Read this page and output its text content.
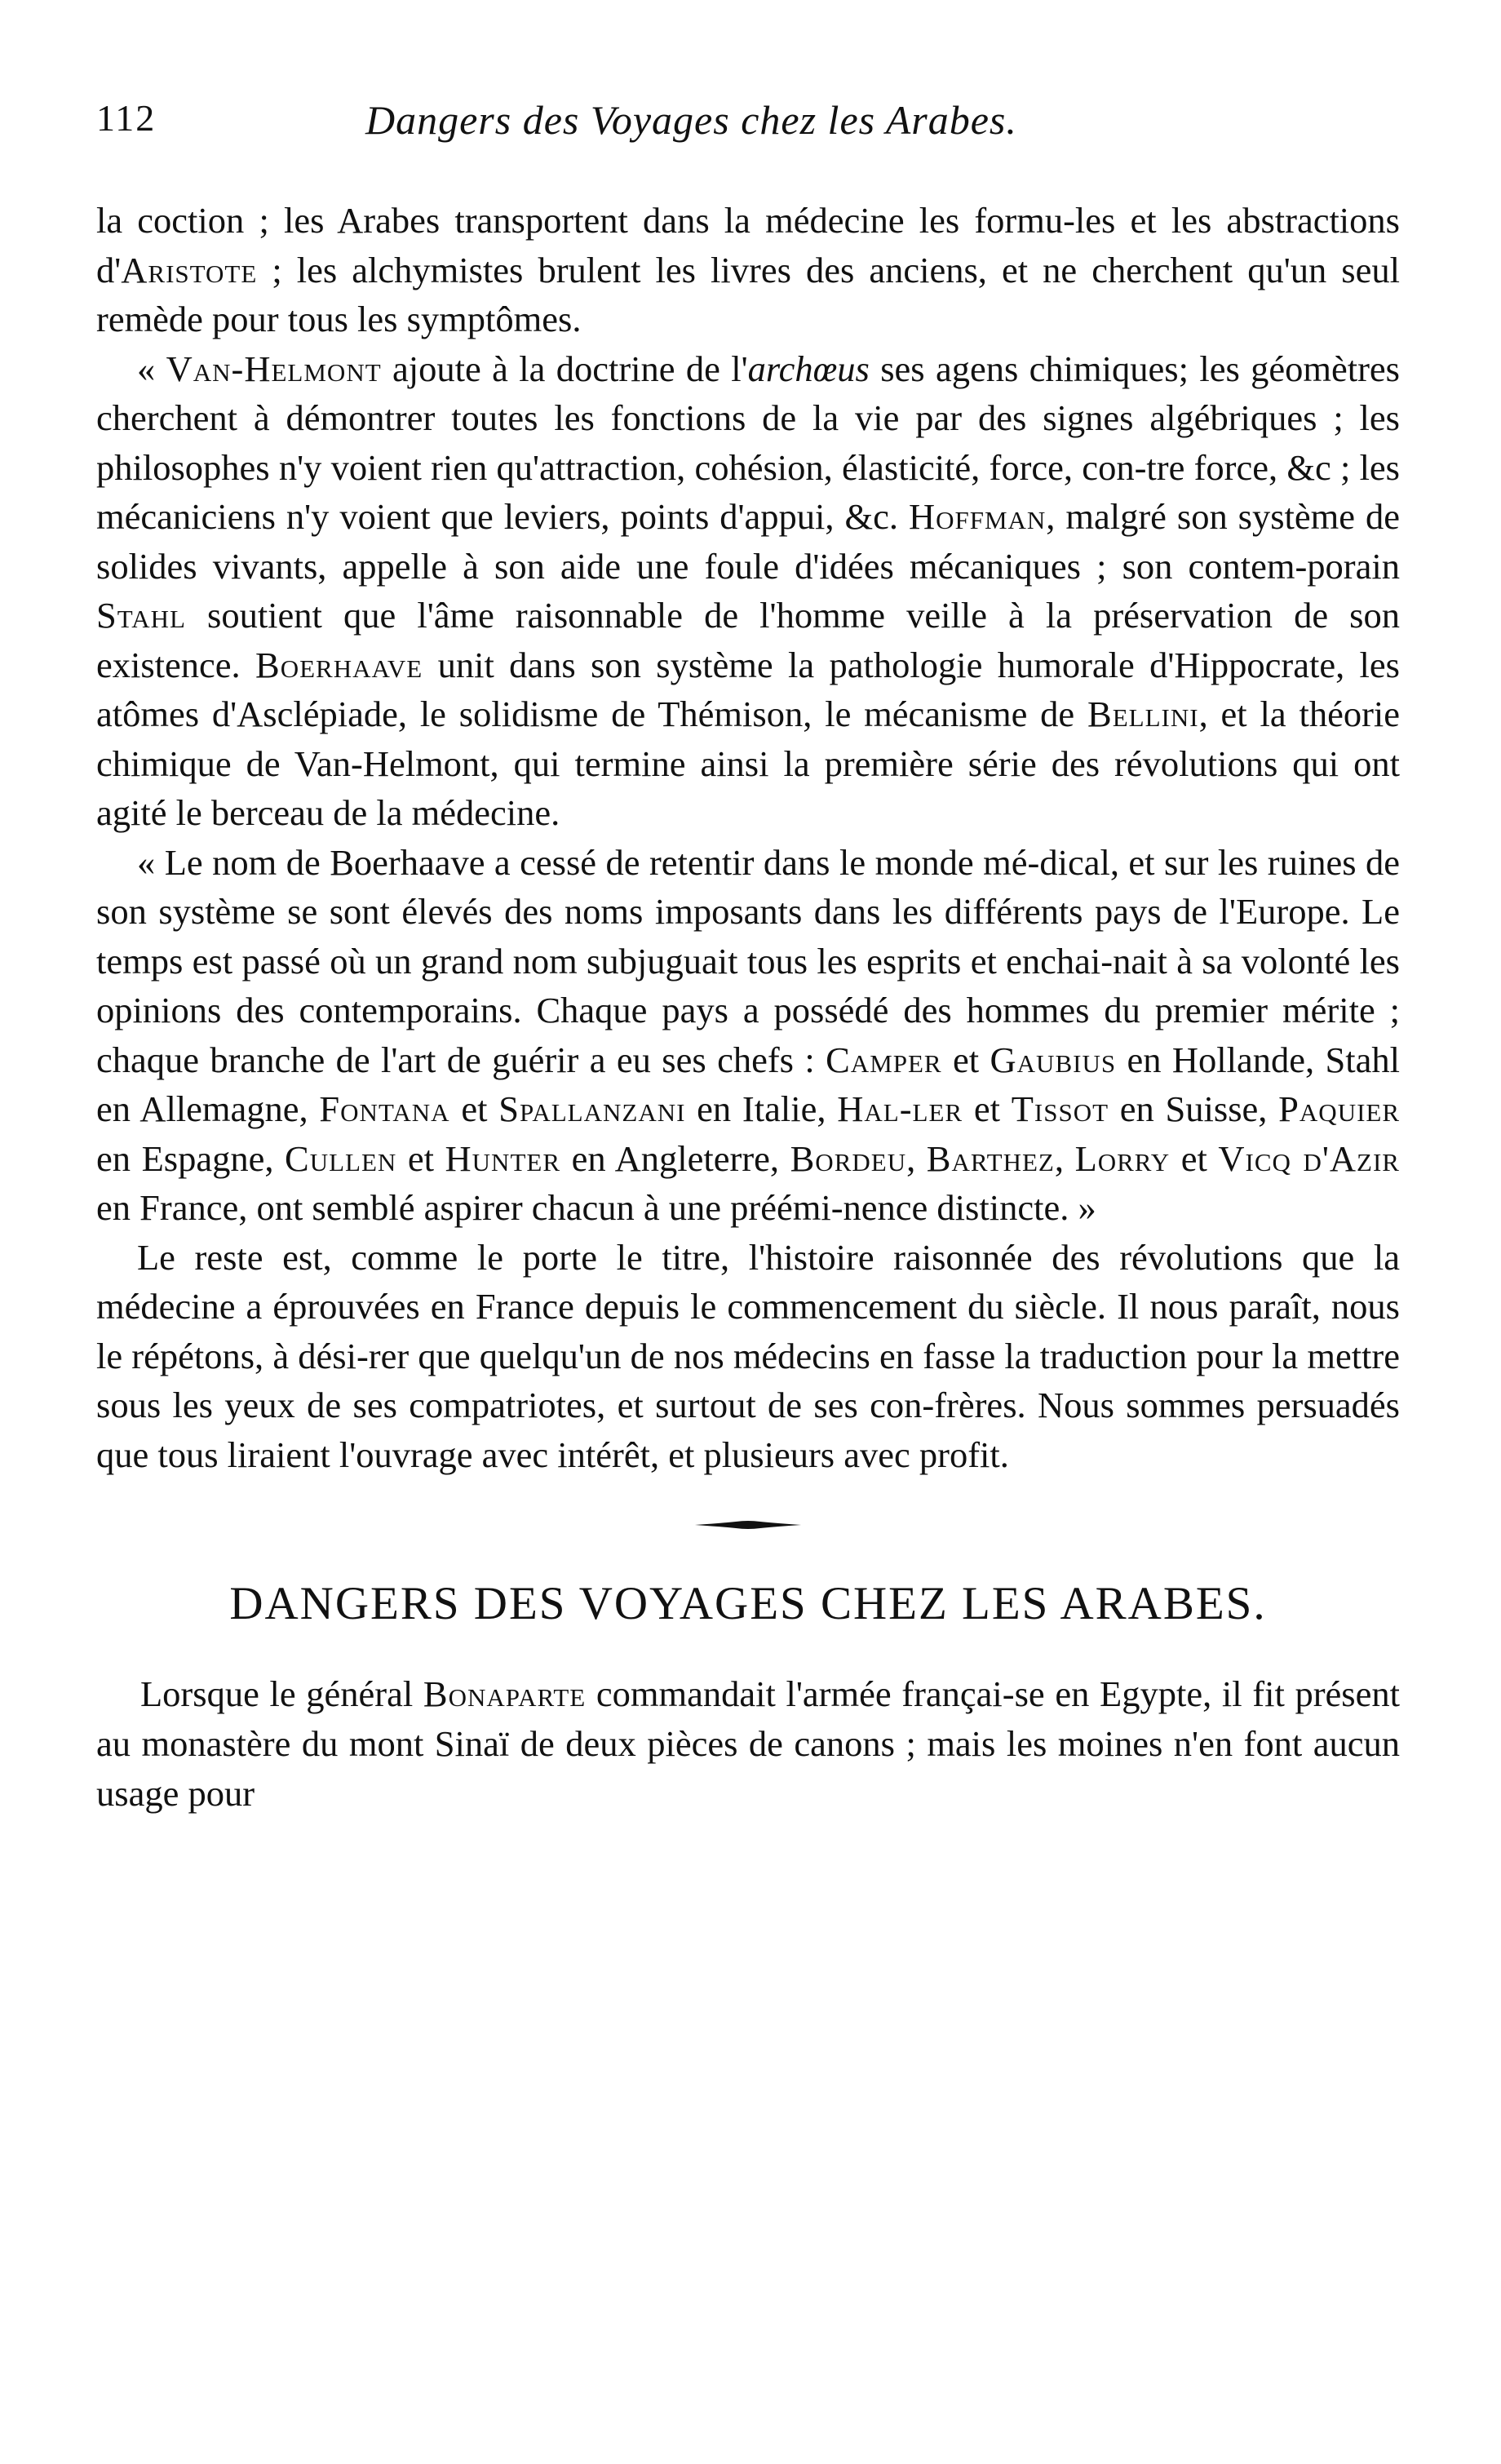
112	Dangers des Voyages chez les Arabes.

la coction ; les Arabes transportent dans la médecine les formu-les et les abstractions d'Aristote ; les alchymistes brulent les livres des anciens, et ne cherchent qu'un seul remède pour tous les symptômes.

« Van-Helmont ajoute à la doctrine de l'archœus ses agens chimiques; les géomètres cherchent à démontrer toutes les fonctions de la vie par des signes algébriques ; les philosophes n'y voient rien qu'attraction, cohésion, élasticité, force, con-tre force, &c ; les mécaniciens n'y voient que leviers, points d'appui, &c. Hoffman, malgré son système de solides vivants, appelle à son aide une foule d'idées mécaniques ; son contem-porain Stahl soutient que l'âme raisonnable de l'homme veille à la préservation de son existence. Boerhaave unit dans son système la pathologie humorale d'Hippocrate, les atômes d'Asclépiade, le solidisme de Thémison, le mécanisme de Bellini, et la théorie chimique de Van-Helmont, qui termine ainsi la première série des révolutions qui ont agité le berceau de la médecine.

« Le nom de Boerhaave a cessé de retentir dans le monde mé-dical, et sur les ruines de son système se sont élevés des noms imposants dans les différents pays de l'Europe. Le temps est passé où un grand nom subjuguait tous les esprits et enchai-nait à sa volonté les opinions des contemporains. Chaque pays a possédé des hommes du premier mérite ; chaque branche de l'art de guérir a eu ses chefs : Camper et Gaubius en Hollande, Stahl en Allemagne, Fontana et Spallanzani en Italie, Hal-ler et Tissot en Suisse, Paquier en Espagne, Cullen et Hunter en Angleterre, Bordeu, Barthez, Lorry et Vicq d'Azir en France, ont semblé aspirer chacun à une préémi-nence distincte. »

Le reste est, comme le porte le titre, l'histoire raisonnée des révolutions que la médecine a éprouvées en France depuis le commencement du siècle. Il nous paraît, nous le répétons, à dési-rer que quelqu'un de nos médecins en fasse la traduction pour la mettre sous les yeux de ses compatriotes, et surtout de ses con-frères. Nous sommes persuadés que tous liraient l'ouvrage avec intérêt, et plusieurs avec profit.

DANGERS DES VOYAGES CHEZ LES ARABES.

Lorsque le général Bonaparte commandait l'armée françai-se en Egypte, il fit présent au monastère du mont Sinaï de deux pièces de canons ; mais les moines n'en font aucun usage pour
